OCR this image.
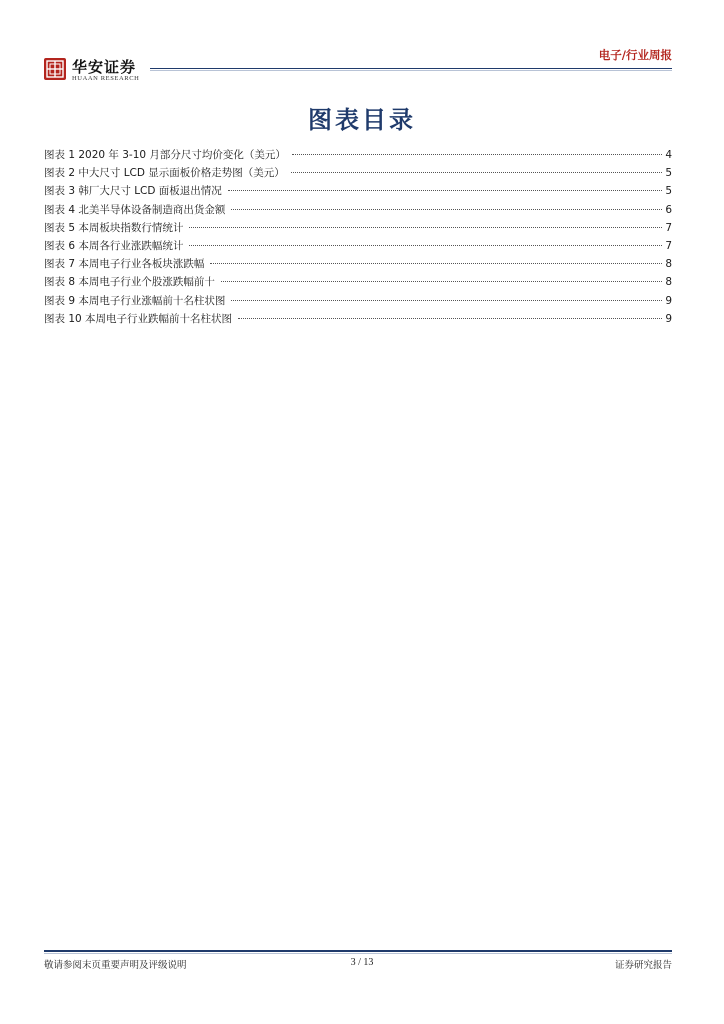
华安证券
HUAAN RESEARCH
电子/行业周报
图表目录
图表 1 2020 年 3-10 月部分尺寸均价变化（美元）	4
图表 2 中大尺寸 LCD 显示面板价格走势图（美元）	5
图表 3 韩厂大尺寸 LCD 面板退出情况	5
图表 4 北美半导体设备制造商出货金额	6
图表 5 本周板块指数行情统计	7
图表 6 本周各行业涨跌幅统计	7
图表 7 本周电子行业各板块涨跌幅	8
图表 8 本周电子行业个股涨跌幅前十	8
图表 9 本周电子行业涨幅前十名柱状图	9
图表 10 本周电子行业跌幅前十名柱状图	9
敬请参阅末页重要声明及评级说明	3 / 13	证券研究报告
